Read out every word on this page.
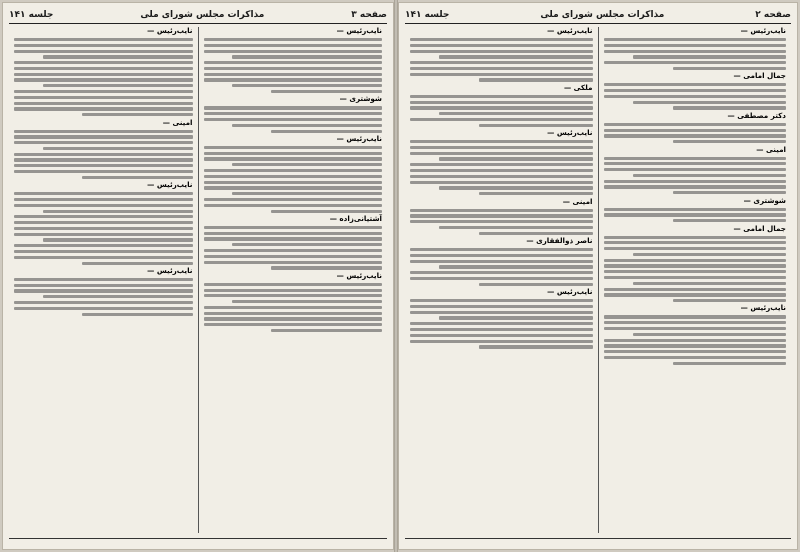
صفحه ۳
مذاکرات مجلس شورای ملی
جلسه ۱۴۱
نایب‌رئیس —
شوشتری —
نایب‌رئیس —
آشتیانی‌زاده —
نایب‌رئیس —
نایب‌رئیس —
امینی —
نایب‌رئیس —
نایب‌رئیس —
صفحه ۲
مذاکرات مجلس شورای ملی
جلسه ۱۴۱
نایب‌رئیس —
جمال امامی —
دکتر مصطفی —
امینی —
شوشتری —
جمال امامی —
نایب‌رئیس —
نایب‌رئیس —
ملکی —
نایب‌رئیس —
امینی —
ناصر ذوالفقاری —
نایب‌رئیس —
